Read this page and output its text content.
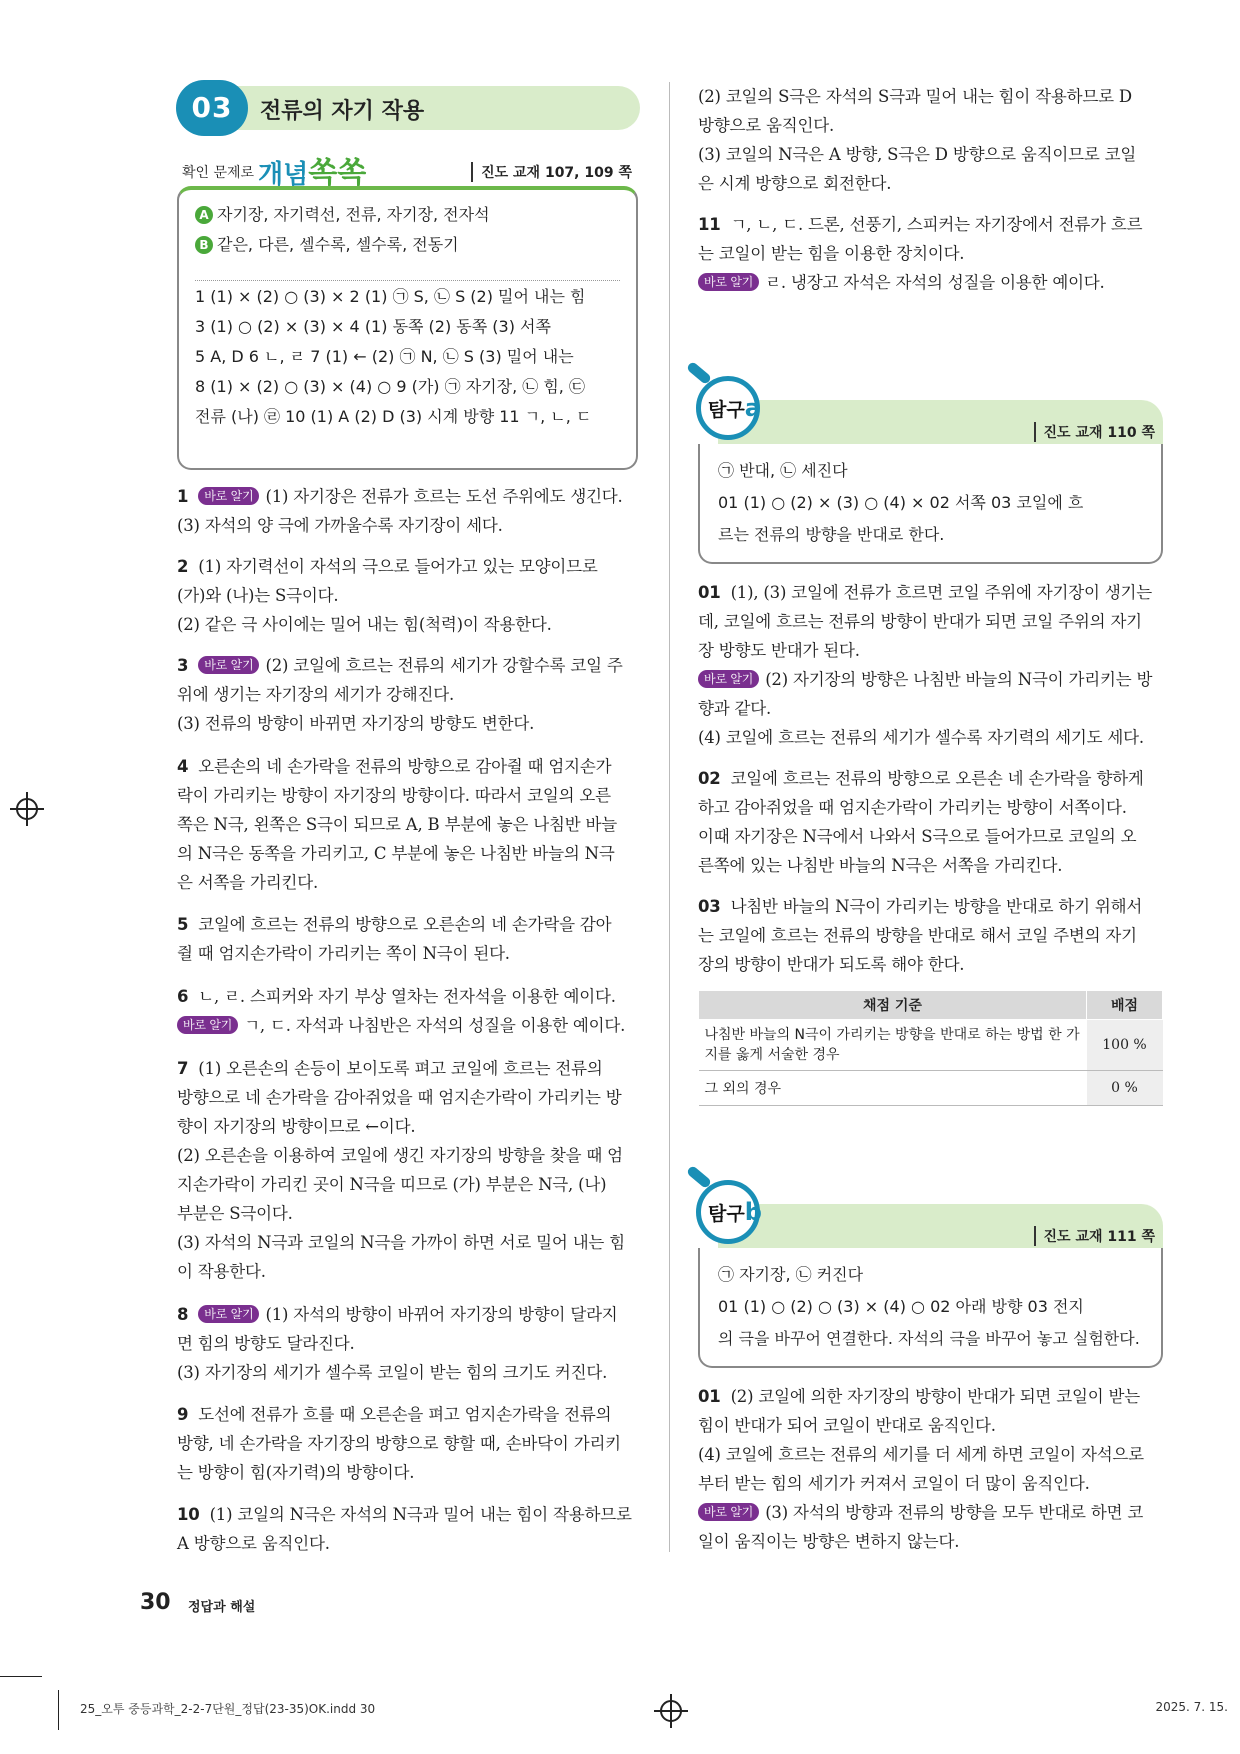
03	전류의 자기 작용
확인 문제로 개념쏙쏙	진도 교재 107, 109 쪽
A 자기장, 자기력선, 전류, 자기장, 전자석
B 같은, 다른, 셀수록, 셀수록, 전동기
1 (1) × (2) ○ (3) × 2 (1) ㉠ S, ㉡ S (2) 밀어 내는 힘
3 (1) ○ (2) × (3) × 4 (1) 동쪽 (2) 동쪽 (3) 서쪽
5 A, D 6 ㄴ, ㄹ 7 (1) ← (2) ㉠ N, ㉡ S (3) 밀어 내는
8 (1) × (2) ○ (3) × (4) ○ 9 (가) ㉠ 자기장, ㉡ 힘, ㉢
전류 (나) ㉣ 10 (1) A (2) D (3) 시계 방향 11 ㄱ, ㄴ, ㄷ
1 바로 알기 (1) 자기장은 전류가 흐르는 도선 주위에도 생긴다.
(3) 자석의 양 극에 가까울수록 자기장이 세다.
2 (1) 자기력선이 자석의 극으로 들어가고 있는 모양이므로
(가)와 (나)는 S극이다.
(2) 같은 극 사이에는 밀어 내는 힘(척력)이 작용한다.
3 바로 알기 (2) 코일에 흐르는 전류의 세기가 강할수록 코일 주
위에 생기는 자기장의 세기가 강해진다.
(3) 전류의 방향이 바뀌면 자기장의 방향도 변한다.
4 오른손의 네 손가락을 전류의 방향으로 감아쥘 때 엄지손가
락이 가리키는 방향이 자기장의 방향이다. 따라서 코일의 오른
쪽은 N극, 왼쪽은 S극이 되므로 A, B 부분에 놓은 나침반 바늘
의 N극은 동쪽을 가리키고, C 부분에 놓은 나침반 바늘의 N극
은 서쪽을 가리킨다.
5 코일에 흐르는 전류의 방향으로 오른손의 네 손가락을 감아
쥘 때 엄지손가락이 가리키는 쪽이 N극이 된다.
6 ㄴ, ㄹ. 스피커와 자기 부상 열차는 전자석을 이용한 예이다.
바로 알기 ㄱ, ㄷ. 자석과 나침반은 자석의 성질을 이용한 예이다.
7 (1) 오른손의 손등이 보이도록 펴고 코일에 흐르는 전류의
방향으로 네 손가락을 감아쥐었을 때 엄지손가락이 가리키는 방
향이 자기장의 방향이므로 ←이다.
(2) 오른손을 이용하여 코일에 생긴 자기장의 방향을 찾을 때 엄
지손가락이 가리킨 곳이 N극을 띠므로 (가) 부분은 N극, (나)
부분은 S극이다.
(3) 자석의 N극과 코일의 N극을 가까이 하면 서로 밀어 내는 힘
이 작용한다.
8 바로 알기 (1) 자석의 방향이 바뀌어 자기장의 방향이 달라지
면 힘의 방향도 달라진다.
(3) 자기장의 세기가 셀수록 코일이 받는 힘의 크기도 커진다.
9 도선에 전류가 흐를 때 오른손을 펴고 엄지손가락을 전류의
방향, 네 손가락을 자기장의 방향으로 향할 때, 손바닥이 가리키
는 방향이 힘(자기력)의 방향이다.
10 (1) 코일의 N극은 자석의 N극과 밀어 내는 힘이 작용하므로
A 방향으로 움직인다.
(2) 코일의 S극은 자석의 S극과 밀어 내는 힘이 작용하므로 D
방향으로 움직인다.
(3) 코일의 N극은 A 방향, S극은 D 방향으로 움직이므로 코일
은 시계 방향으로 회전한다.
11 ㄱ, ㄴ, ㄷ. 드론, 선풍기, 스피커는 자기장에서 전류가 흐르
는 코일이 받는 힘을 이용한 장치이다.
바로 알기 ㄹ. 냉장고 자석은 자석의 성질을 이용한 예이다.
탐구a
진도 교재 110 쪽
㉠ 반대, ㉡ 세진다
01 (1) ○ (2) × (3) ○ (4) × 02 서쪽 03 코일에 흐
르는 전류의 방향을 반대로 한다.
01 (1), (3) 코일에 전류가 흐르면 코일 주위에 자기장이 생기는
데, 코일에 흐르는 전류의 방향이 반대가 되면 코일 주위의 자기
장 방향도 반대가 된다.
바로 알기 (2) 자기장의 방향은 나침반 바늘의 N극이 가리키는 방
향과 같다.
(4) 코일에 흐르는 전류의 세기가 셀수록 자기력의 세기도 세다.
02 코일에 흐르는 전류의 방향으로 오른손 네 손가락을 향하게
하고 감아쥐었을 때 엄지손가락이 가리키는 방향이 서쪽이다.
이때 자기장은 N극에서 나와서 S극으로 들어가므로 코일의 오
른쪽에 있는 나침반 바늘의 N극은 서쪽을 가리킨다.
03 나침반 바늘의 N극이 가리키는 방향을 반대로 하기 위해서
는 코일에 흐르는 전류의 방향을 반대로 해서 코일 주변의 자기
장의 방향이 반대가 되도록 해야 한다.
채점 기준	배점
나침반 바늘의 N극이 가리키는 방향을 반대로 하는 방법 한 가지를 옳게 서술한 경우	100 %
그 외의 경우	0 %
탐구b
진도 교재 111 쪽
㉠ 자기장, ㉡ 커진다
01 (1) ○ (2) ○ (3) × (4) ○ 02 아래 방향 03 전지
의 극을 바꾸어 연결한다. 자석의 극을 바꾸어 놓고 실험한다.
01 (2) 코일에 의한 자기장의 방향이 반대가 되면 코일이 받는
힘이 반대가 되어 코일이 반대로 움직인다.
(4) 코일에 흐르는 전류의 세기를 더 세게 하면 코일이 자석으로
부터 받는 힘의 세기가 커져서 코일이 더 많이 움직인다.
바로 알기 (3) 자석의 방향과 전류의 방향을 모두 반대로 하면 코
일이 움직이는 방향은 변하지 않는다.
30 정답과 해설
25_오투 중등과학_2-2-7단원_정답(23-35)OK.indd 30	2025. 7. 15.
